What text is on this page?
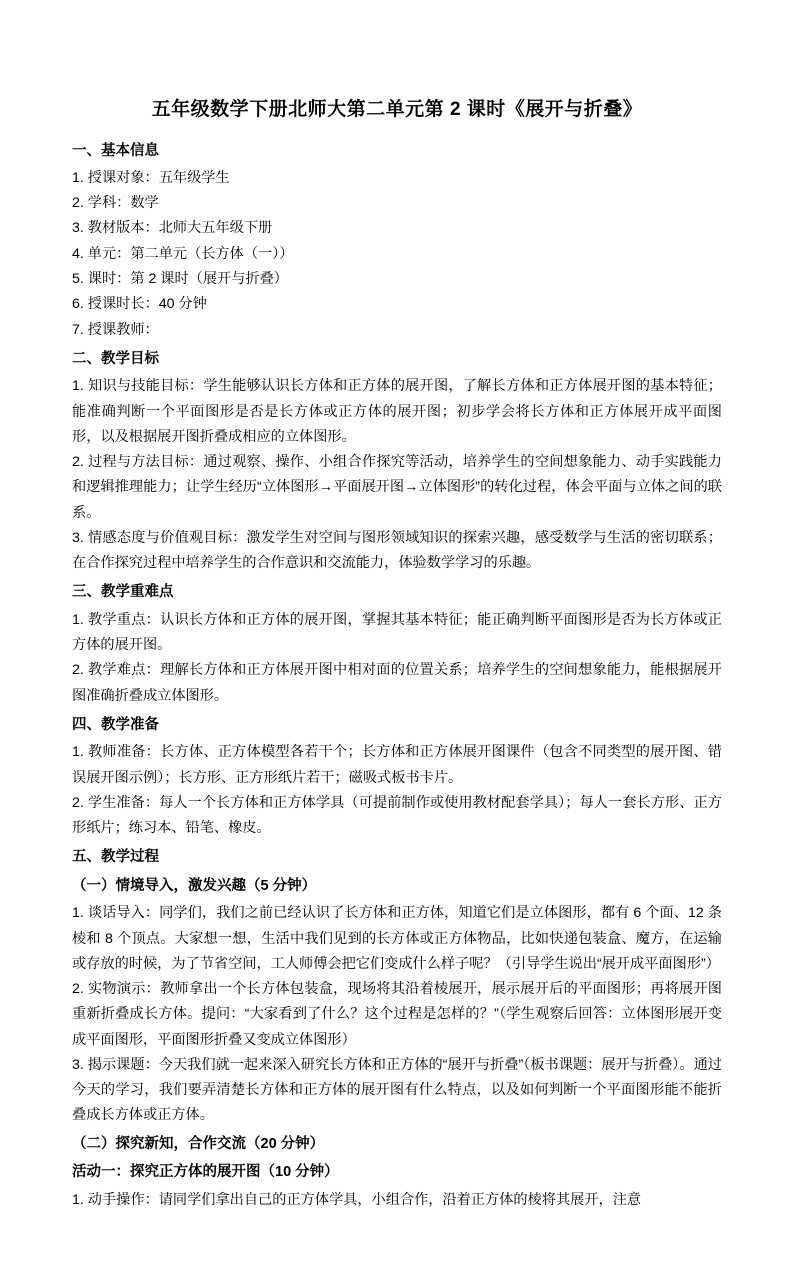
五年级数学下册北师大第二单元第 2 课时《展开与折叠》
一、基本信息

1. 授课对象：五年级学生

2. 学科：数学

3. 教材版本：北师大五年级下册

4. 单元：第二单元（长方体（一））

5. 课时：第 2 课时（展开与折叠）

6. 授课时长：40 分钟

7. 授课教师：

二、教学目标

1. 知识与技能目标：学生能够认识长方体和正方体的展开图，了解长方体和正方体展开图的基本特征；能准确判断一个平面图形是否是长方体或正方体的展开图；初步学会将长方体和正方体展开成平面图形，以及根据展开图折叠成相应的立体图形。

2. 过程与方法目标：通过观察、操作、小组合作探究等活动，培养学生的空间想象能力、动手实践能力和逻辑推理能力；让学生经历“立体图形→平面展开图→立体图形”的转化过程，体会平面与立体之间的联系。

3. 情感态度与价值观目标：激发学生对空间与图形领域知识的探索兴趣，感受数学与生活的密切联系；在合作探究过程中培养学生的合作意识和交流能力，体验数学学习的乐趣。

三、教学重难点

1. 教学重点：认识长方体和正方体的展开图，掌握其基本特征；能正确判断平面图形是否为长方体或正方体的展开图。

2. 教学难点：理解长方体和正方体展开图中相对面的位置关系；培养学生的空间想象能力，能根据展开图准确折叠成立体图形。

四、教学准备

1. 教师准备：长方体、正方体模型各若干个；长方体和正方体展开图课件（包含不同类型的展开图、错误展开图示例）；长方形、正方形纸片若干；磁吸式板书卡片。

2. 学生准备：每人一个长方体和正方体学具（可提前制作或使用教材配套学具）；每人一套长方形、正方形纸片；练习本、铅笔、橡皮。

五、教学过程
（一）情境导入，激发兴趣（5 分钟）

1. 谈话导入：同学们，我们之前已经认识了长方体和正方体，知道它们是立体图形，都有 6 个面、12 条棱和 8 个顶点。大家想一想，生活中我们见到的长方体或正方体物品，比如快递包装盒、魔方，在运输或存放的时候，为了节省空间，工人师傅会把它们变成什么样子呢？（引导学生说出“展开成平面图形”）

2. 实物演示：教师拿出一个长方体包装盒，现场将其沿着棱展开，展示展开后的平面图形；再将展开图重新折叠成长方体。提问：“大家看到了什么？这个过程是怎样的？”（学生观察后回答：立体图形展开变成平面图形，平面图形折叠又变成立体图形）

3. 揭示课题：今天我们就一起来深入研究长方体和正方体的“展开与折叠”（板书课题：展开与折叠）。通过今天的学习，我们要弄清楚长方体和正方体的展开图有什么特点，以及如何判断一个平面图形能不能折叠成长方体或正方体。

（二）探究新知，合作交流（20 分钟）
活动一：探究正方体的展开图（10 分钟）

1. 动手操作：请同学们拿出自己的正方体学具，小组合作，沿着正方体的棱将其展开，注意
